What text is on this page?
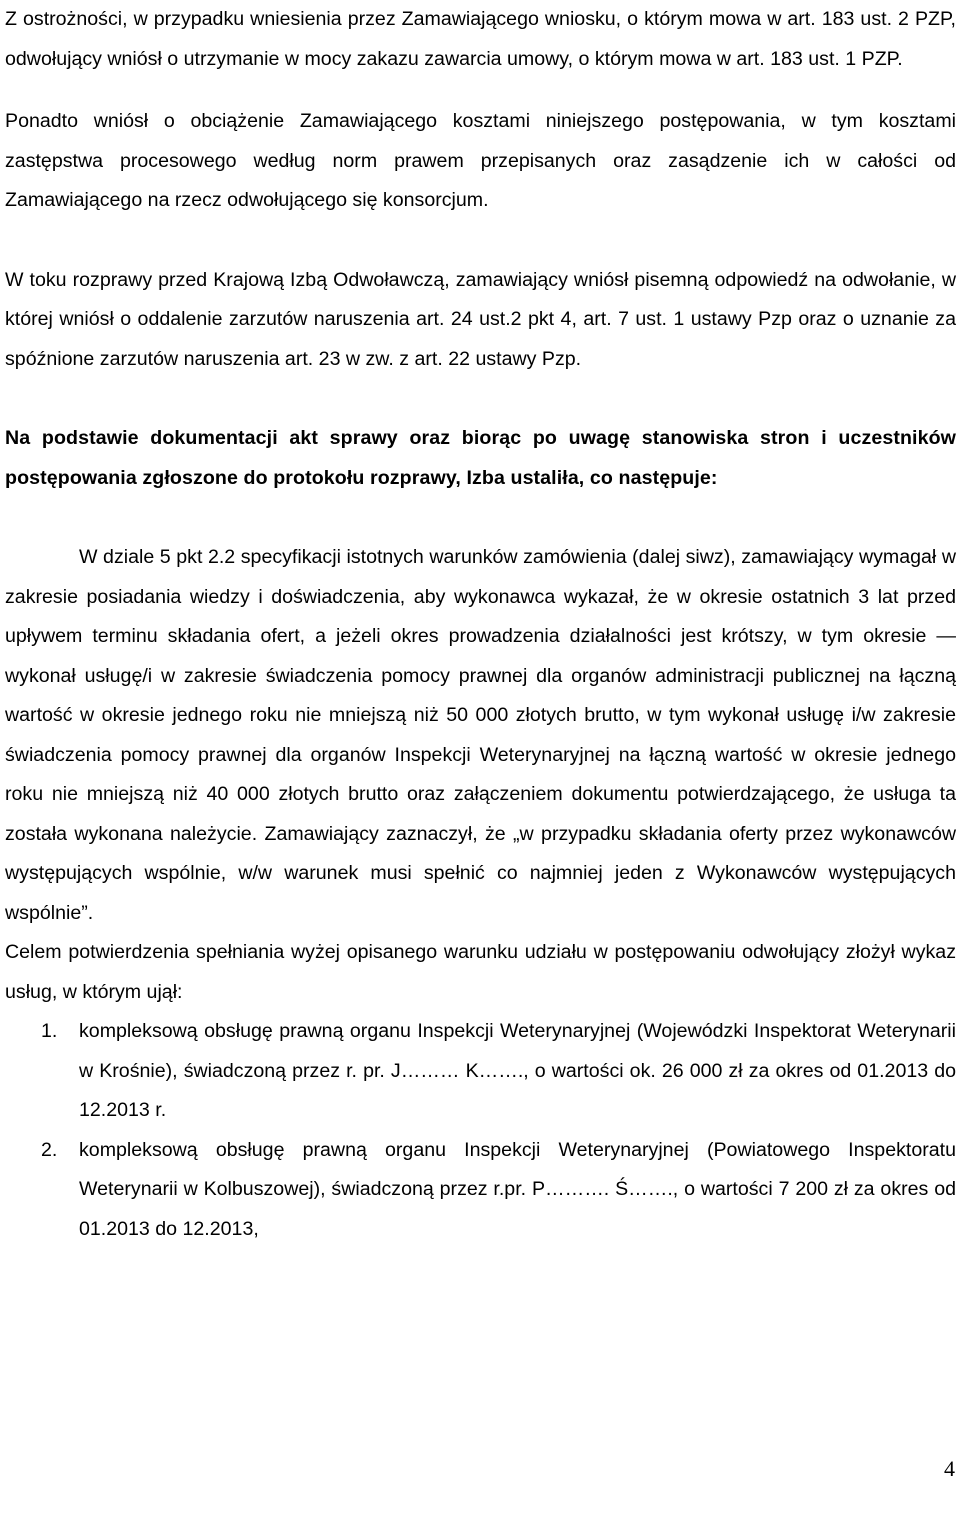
Z ostrożności, w przypadku wniesienia przez Zamawiającego wniosku, o którym mowa w art. 183 ust. 2 PZP, odwołujący wniósł o utrzymanie w mocy zakazu zawarcia umowy, o którym mowa w art. 183 ust. 1 PZP.

Ponadto wniósł o obciążenie Zamawiającego kosztami niniejszego postępowania, w tym kosztami zastępstwa procesowego według norm prawem przepisanych oraz zasądzenie ich w całości od Zamawiającego na rzecz odwołującego się konsorcjum.

W toku rozprawy przed Krajową Izbą Odwoławczą, zamawiający wniósł pisemną odpowiedź na odwołanie, w której wniósł o oddalenie zarzutów naruszenia art. 24 ust.2 pkt 4, art. 7 ust. 1 ustawy Pzp oraz o uznanie za spóźnione zarzutów naruszenia art. 23 w zw. z art. 22 ustawy Pzp.

Na podstawie dokumentacji akt sprawy oraz biorąc po uwagę stanowiska stron i uczestników postępowania zgłoszone do protokołu rozprawy, Izba ustaliła, co następuje:

W dziale 5 pkt 2.2 specyfikacji istotnych warunków zamówienia (dalej siwz), zamawiający wymagał w zakresie posiadania wiedzy i doświadczenia, aby wykonawca wykazał, że w okresie ostatnich 3 lat przed upływem terminu składania ofert, a jeżeli okres prowadzenia działalności jest krótszy, w tym okresie — wykonał usługę/i w zakresie świadczenia pomocy prawnej dla organów administracji publicznej na łączną wartość w okresie jednego roku nie mniejszą niż 50 000 złotych brutto, w tym wykonał usługę i/w zakresie świadczenia pomocy prawnej dla organów Inspekcji Weterynaryjnej na łączną wartość w okresie jednego roku nie mniejszą niż 40 000 złotych brutto oraz załączeniem dokumentu potwierdzającego, że usługa ta została wykonana należycie. Zamawiający zaznaczył, że „w przypadku składania oferty przez wykonawców występujących wspólnie, w/w warunek musi spełnić co najmniej jeden z Wykonawców występujących wspólnie”.

Celem potwierdzenia spełniania wyżej opisanego warunku udziału w postępowaniu odwołujący złożył wykaz usług, w którym ujął:

1. kompleksową obsługę prawną organu Inspekcji Weterynaryjnej (Wojewódzki Inspektorat Weterynarii w Krośnie), świadczoną przez r. pr. J……… K……., o wartości ok. 26 000 zł za okres od 01.2013 do 12.2013 r.
2. kompleksową obsługę prawną organu Inspekcji Weterynaryjnej (Powiatowego Inspektoratu Weterynarii w Kolbuszowej), świadczoną przez r.pr. P………. Ś……., o wartości 7 200 zł za okres od 01.2013 do 12.2013,
4
